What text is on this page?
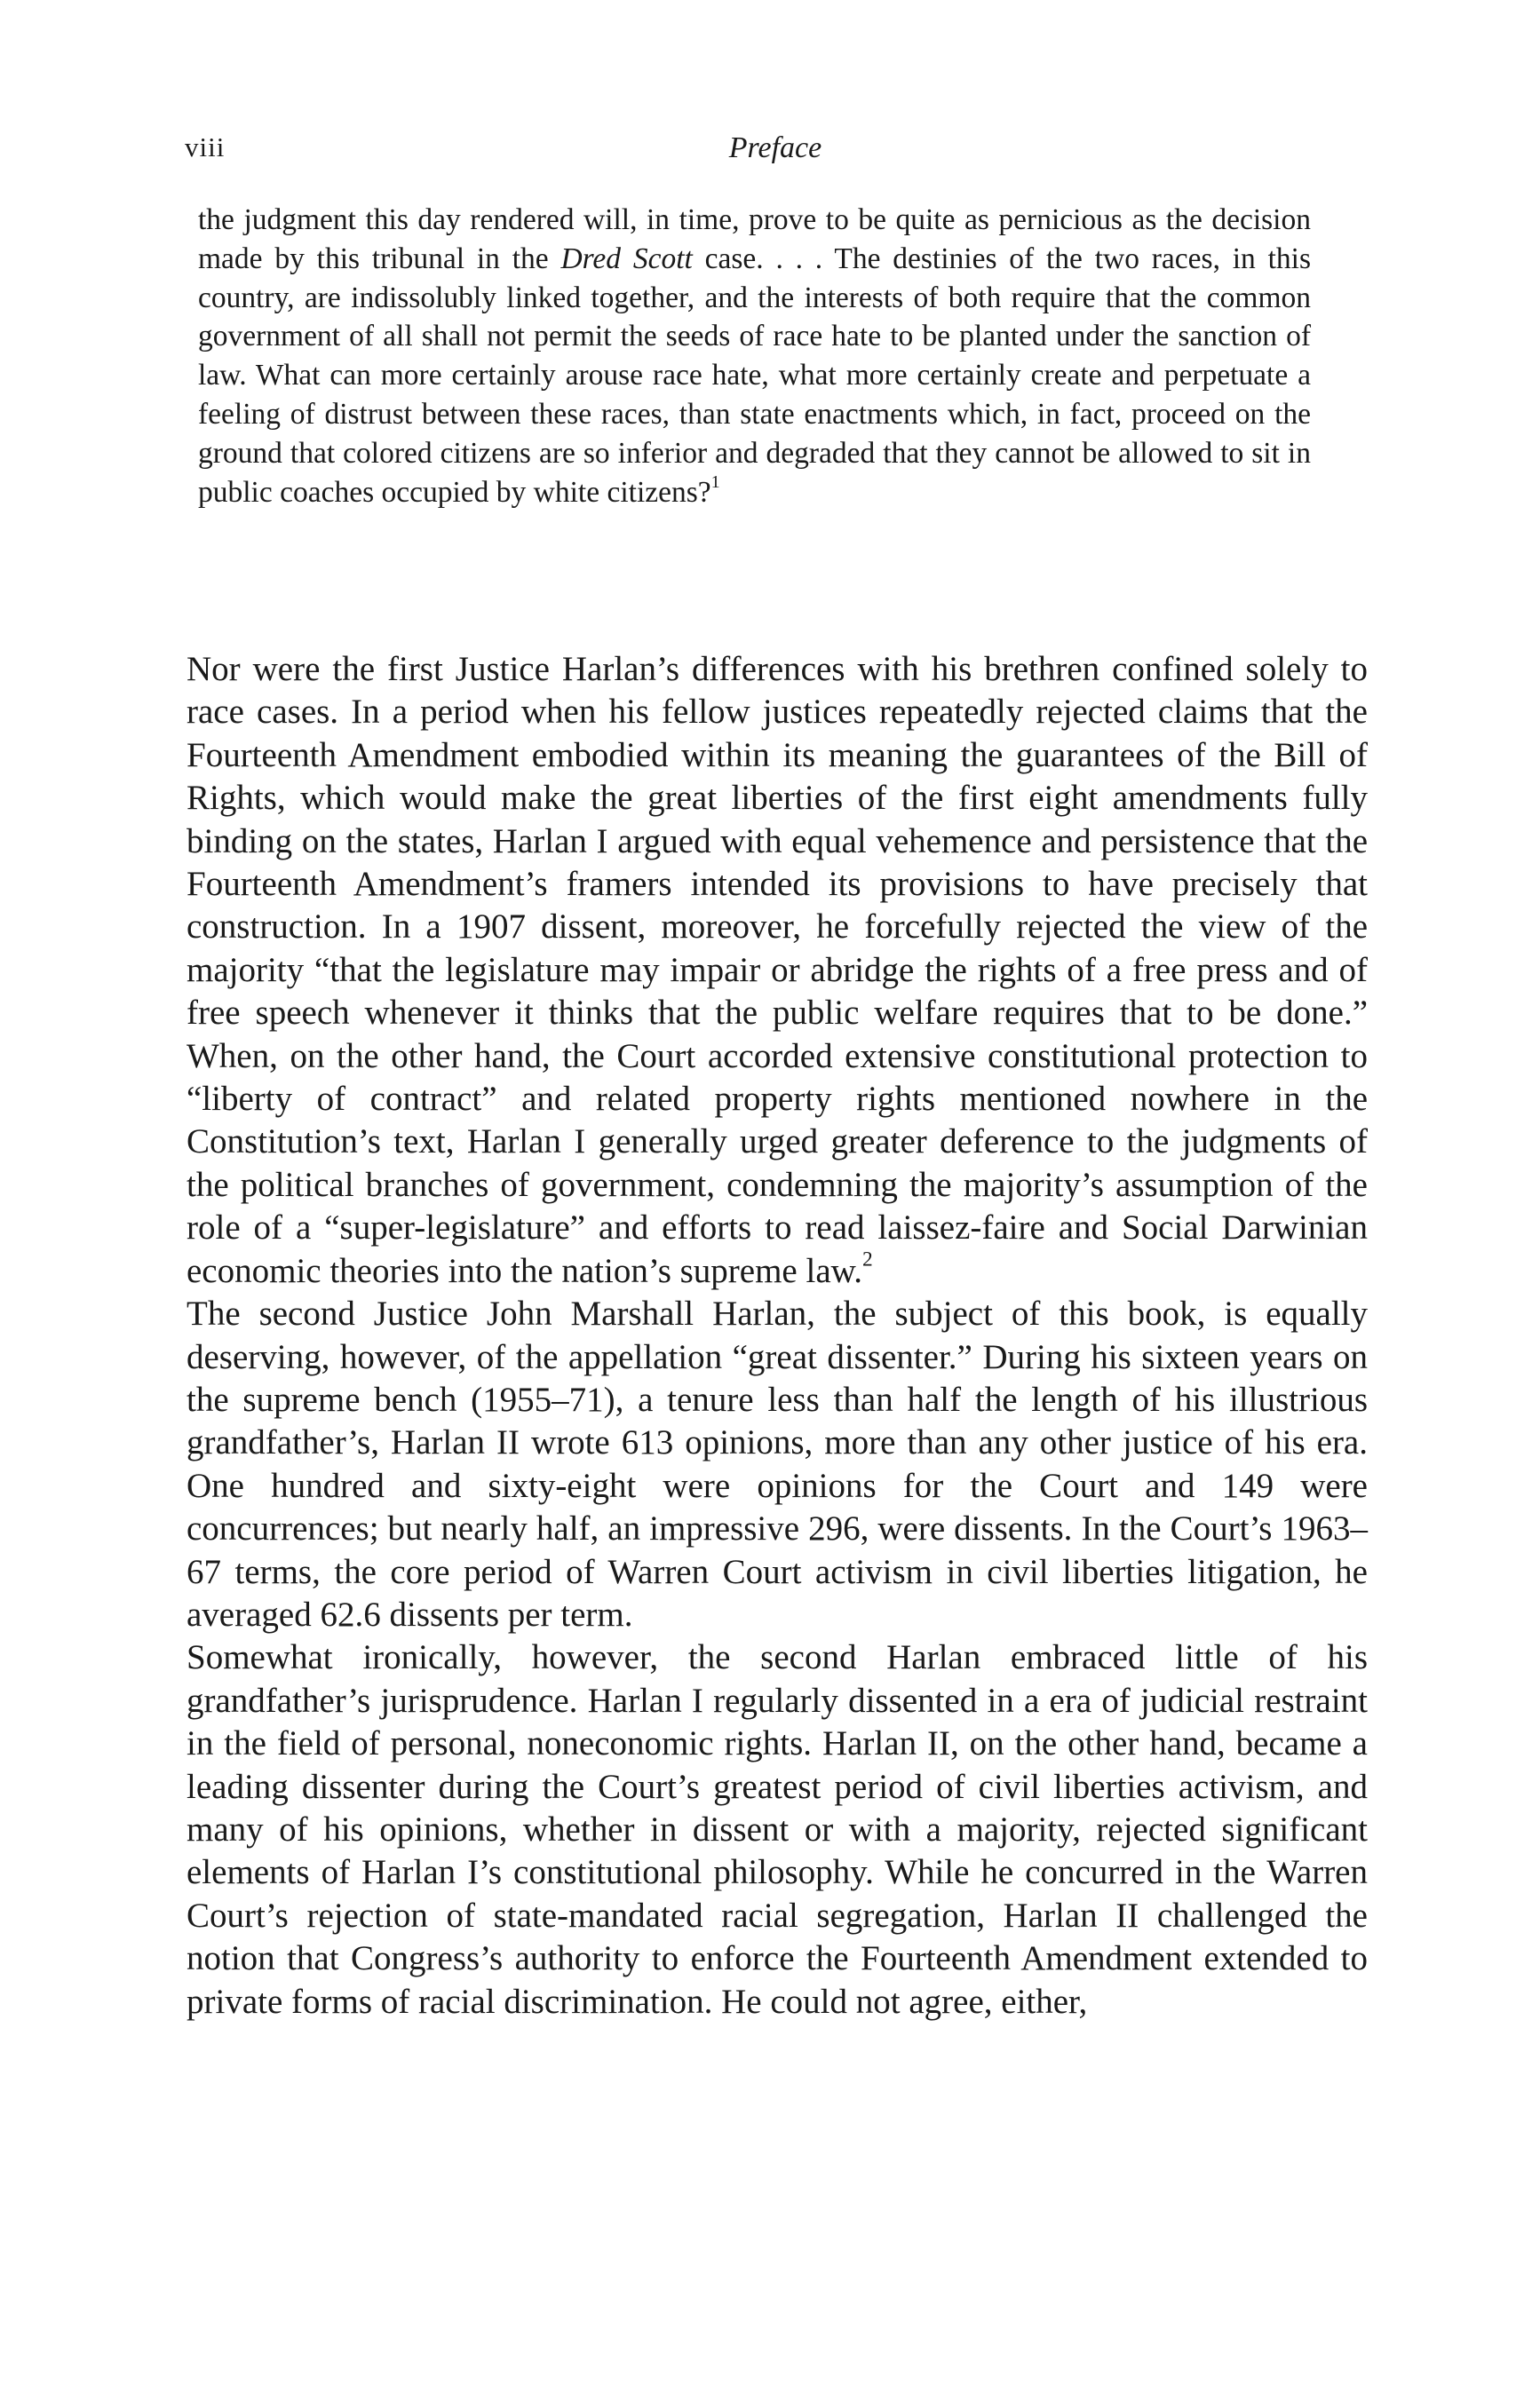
viii	Preface

the judgment this day rendered will, in time, prove to be quite as pernicious as the decision made by this tribunal in the Dred Scott case. . . . The destinies of the two races, in this country, are indissolubly linked together, and the interests of both require that the common government of all shall not permit the seeds of race hate to be planted under the sanction of law. What can more certainly arouse race hate, what more certainly create and perpetuate a feeling of distrust between these races, than state enactments which, in fact, proceed on the ground that colored citizens are so inferior and degraded that they cannot be allowed to sit in public coaches occupied by white citizens?$^1$

Nor were the first Justice Harlan’s differences with his brethren confined solely to race cases. In a period when his fellow justices repeatedly rejected claims that the Fourteenth Amendment embodied within its meaning the guarantees of the Bill of Rights, which would make the great liberties of the first eight amendments fully binding on the states, Harlan I argued with equal vehemence and persistence that the Fourteenth Amendment’s framers intended its provisions to have precisely that construction. In a 1907 dissent, moreover, he forcefully rejected the view of the majority “that the legislature may impair or abridge the rights of a free press and of free speech whenever it thinks that the public welfare requires that to be done.” When, on the other hand, the Court accorded extensive constitutional protection to “liberty of contract” and related property rights mentioned nowhere in the Constitution’s text, Harlan I generally urged greater deference to the judgments of the political branches of government, condemning the majority’s assumption of the role of a “super-legislature” and efforts to read laissez-faire and Social Darwinian economic theories into the nation’s supreme law.$^2$

The second Justice John Marshall Harlan, the subject of this book, is equally deserving, however, of the appellation “great dissenter.” During his sixteen years on the supreme bench (1955–71), a tenure less than half the length of his illustrious grandfather’s, Harlan II wrote 613 opinions, more than any other justice of his era. One hundred and sixty-eight were opinions for the Court and 149 were concurrences; but nearly half, an impressive 296, were dissents. In the Court’s 1963–67 terms, the core period of Warren Court activism in civil liberties litigation, he averaged 62.6 dissents per term.

Somewhat ironically, however, the second Harlan embraced little of his grandfather’s jurisprudence. Harlan I regularly dissented in a era of judicial restraint in the field of personal, noneconomic rights. Harlan II, on the other hand, became a leading dissenter during the Court’s greatest period of civil liberties activism, and many of his opinions, whether in dissent or with a majority, rejected significant elements of Harlan I’s constitutional philosophy. While he concurred in the Warren Court’s rejection of state-mandated racial segregation, Harlan II challenged the notion that Congress’s authority to enforce the Fourteenth Amendment extended to private forms of racial discrimination. He could not agree, either,
